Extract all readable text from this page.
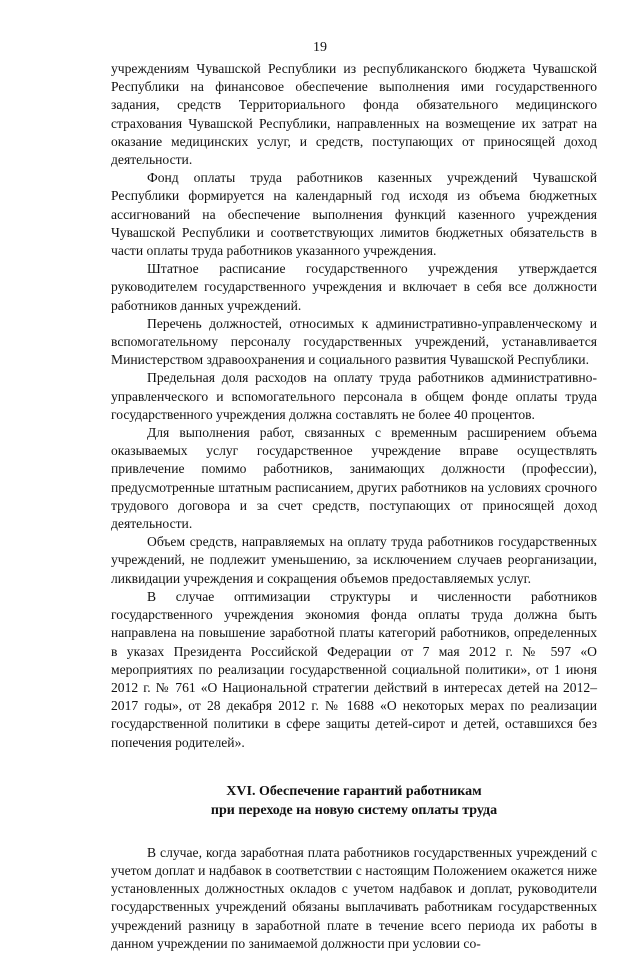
19

учреждениям Чувашской Республики из республиканского бюджета Чувашской Республики на финансовое обеспечение выполнения ими государственного задания, средств Территориального фонда обязательного медицинского страхования Чувашской Республики, направленных на возмещение их затрат на оказание медицинских услуг, и средств, поступающих от приносящей доход деятельности.

Фонд оплаты труда работников казенных учреждений Чувашской Республики формируется на календарный год исходя из объема бюджетных ассигнований на обеспечение выполнения функций казенного учреждения Чувашской Республики и соответствующих лимитов бюджетных обязательств в части оплаты труда работников указанного учреждения.

Штатное расписание государственного учреждения утверждается руководителем государственного учреждения и включает в себя все должности работников данных учреждений.

Перечень должностей, относимых к административно-управленческому и вспомогательному персоналу государственных учреждений, устанавливается Министерством здравоохранения и социального развития Чувашской Республики.

Предельная доля расходов на оплату труда работников административно-управленческого и вспомогательного персонала в общем фонде оплаты труда государственного учреждения должна составлять не более 40 процентов.

Для выполнения работ, связанных с временным расширением объема оказываемых услуг государственное учреждение вправе осуществлять привлечение помимо работников, занимающих должности (профессии), предусмотренные штатным расписанием, других работников на условиях срочного трудового договора и за счет средств, поступающих от приносящей доход деятельности.

Объем средств, направляемых на оплату труда работников государственных учреждений, не подлежит уменьшению, за исключением случаев реорганизации, ликвидации учреждения и сокращения объемов предоставляемых услуг.

В случае оптимизации структуры и численности работников государственного учреждения экономия фонда оплаты труда должна быть направлена на повышение заработной платы категорий работников, определенных в указах Президента Российской Федерации от 7 мая 2012 г. № 597 «О мероприятиях по реализации государственной социальной политики», от 1 июня 2012 г. № 761 «О Национальной стратегии действий в интересах детей на 2012–2017 годы», от 28 декабря 2012 г. № 1688 «О некоторых мерах по реализации государственной политики в сфере защиты детей-сирот и детей, оставшихся без попечения родителей».

XVI. Обеспечение гарантий работникам
при переходе на новую систему оплаты труда

В случае, когда заработная плата работников государственных учреждений с учетом доплат и надбавок в соответствии с настоящим Положением окажется ниже установленных должностных окладов с учетом надбавок и доплат, руководители государственных учреждений обязаны выплачивать работникам государственных учреждений разницу в заработной плате в течение всего периода их работы в данном учреждении по занимаемой должности при условии со-
